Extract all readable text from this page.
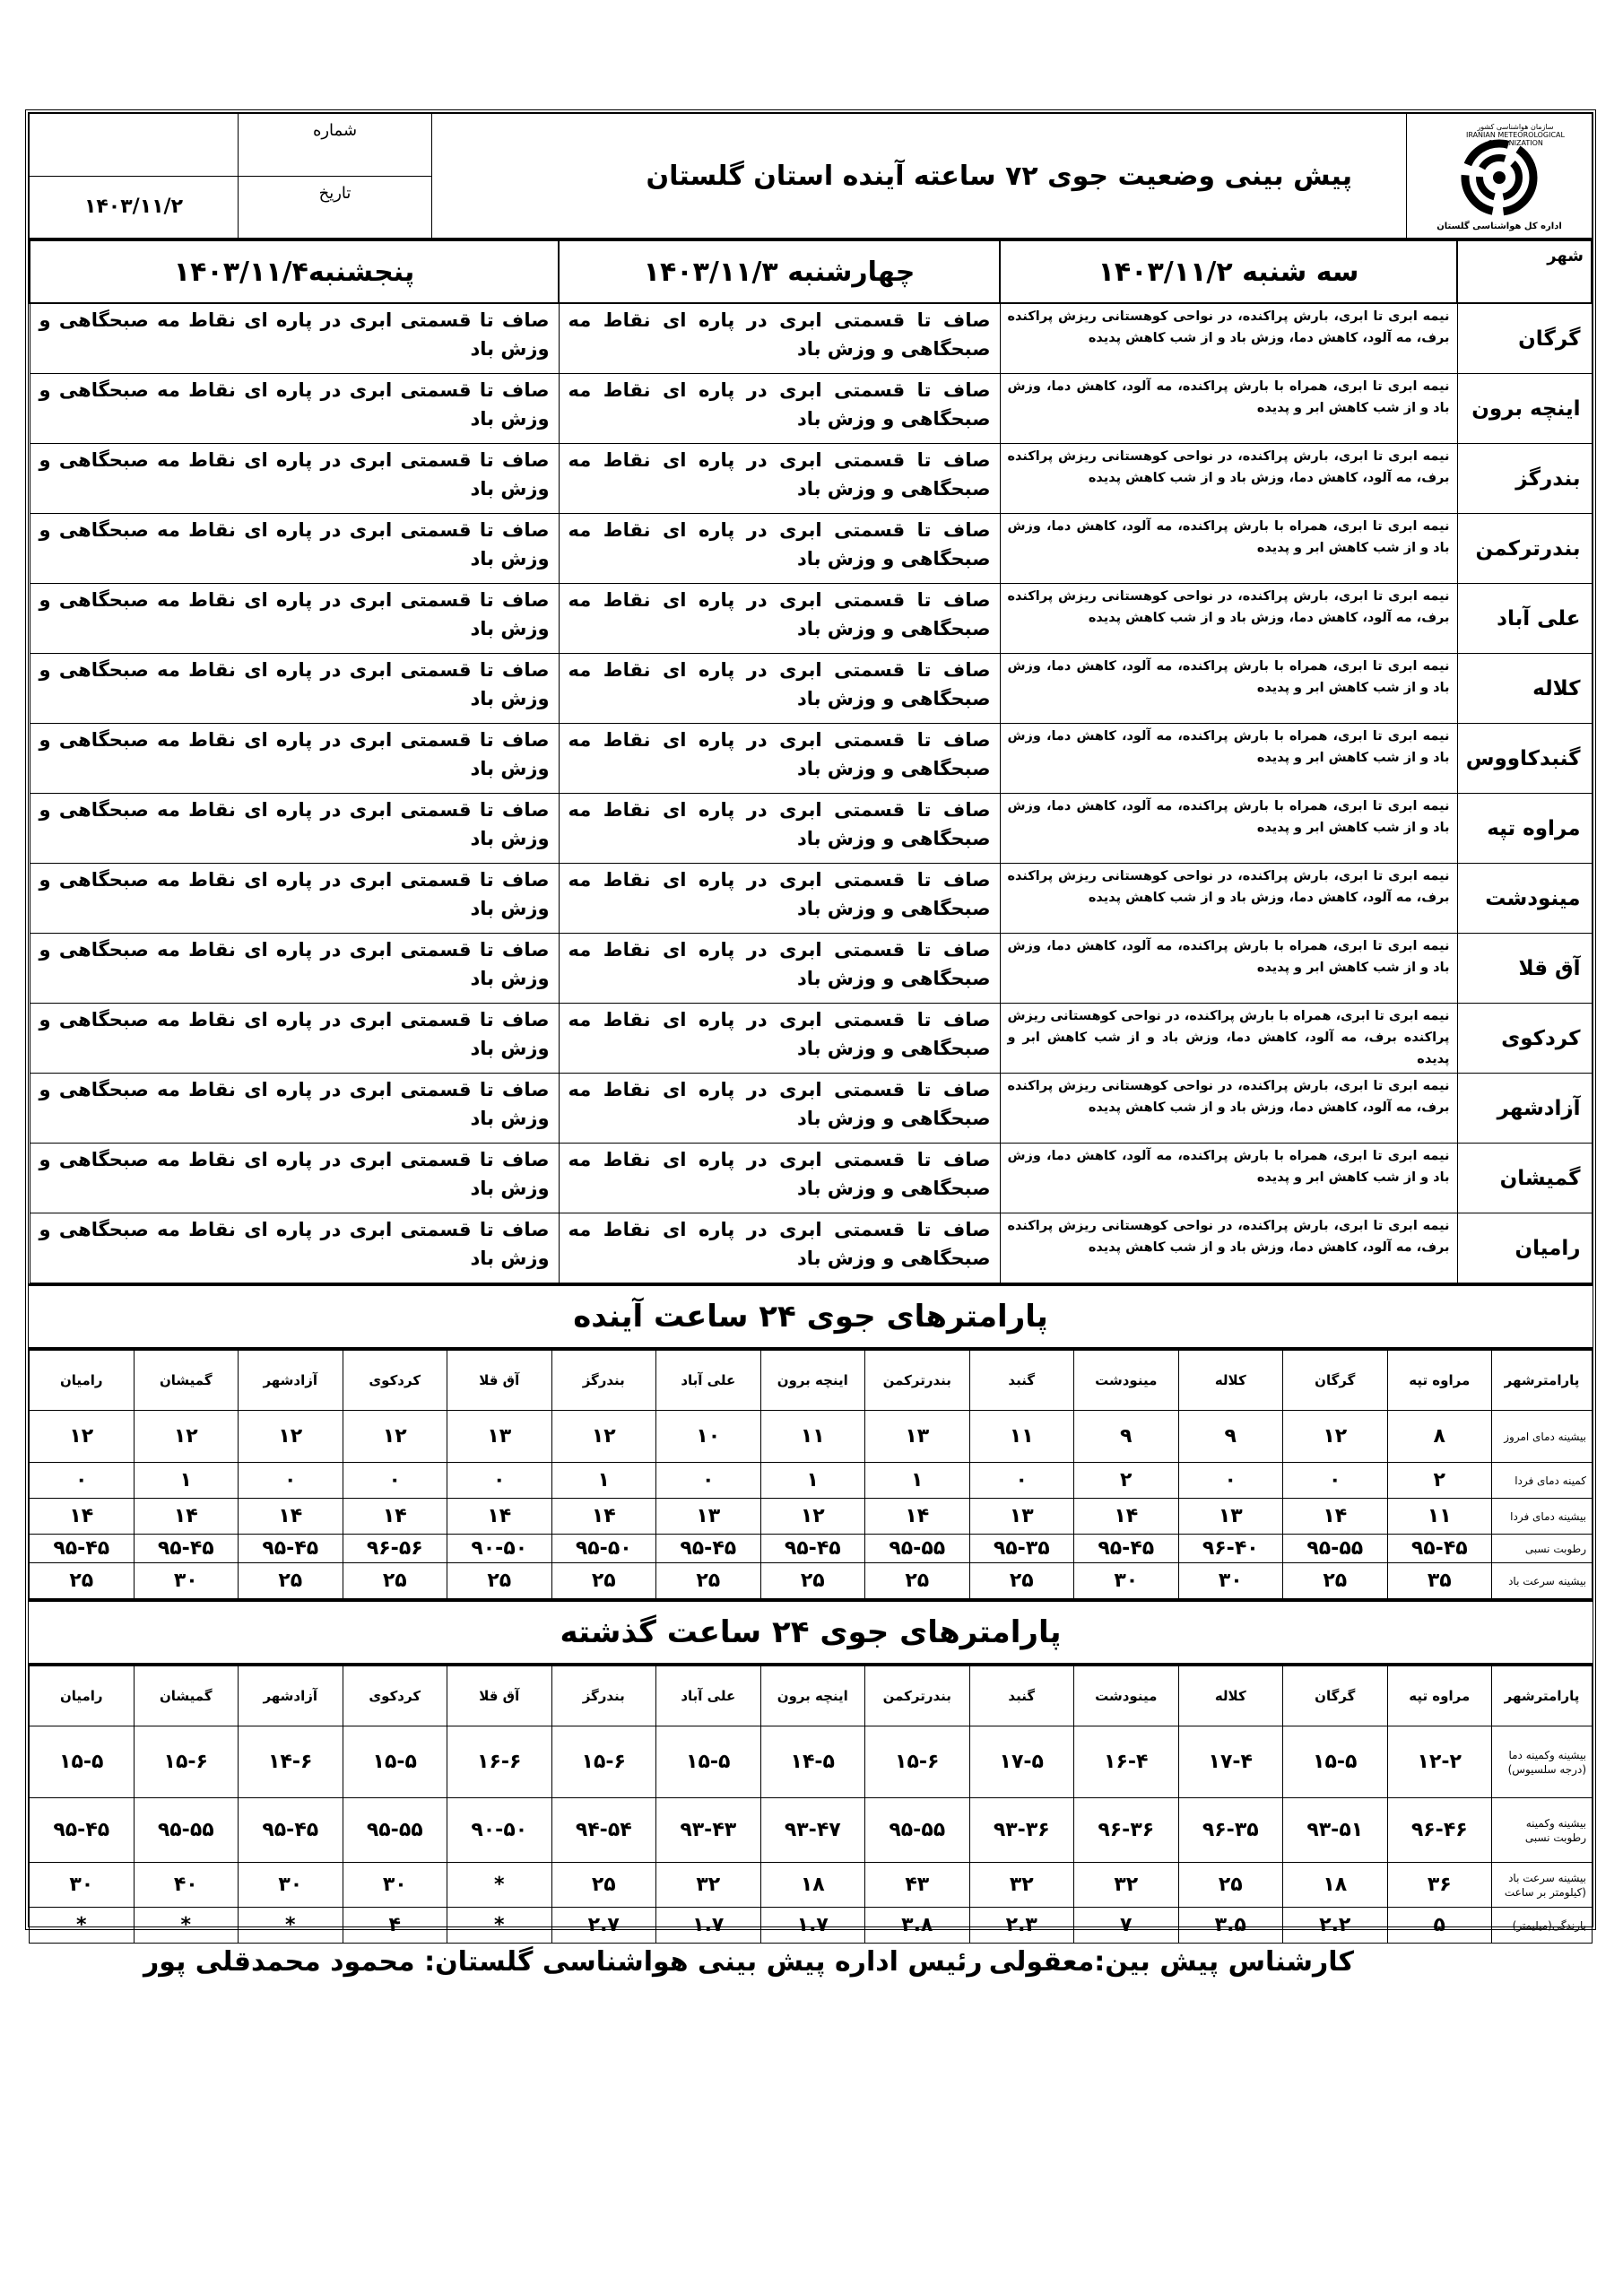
سازمان هواشناسی کشور IRANIAN METEOROLOGICAL ORGANIZATION
اداره کل هواشناسی گلستان	پیش بینی وضعیت جوی ۷۲ ساعته آینده استان گلستان	شماره	
		تاریخ	۱۴۰۳/۱۱/۲
شهر	سه شنبه ۱۴۰۳/۱۱/۲	چهارشنبه ۱۴۰۳/۱۱/۳	پنجشنبه۱۴۰۳/۱۱/۴
گرگان	نیمه ابری تا ابری، بارش پراکنده، در نواحی کوهستانی ریزش پراکنده برف، مه آلود، کاهش دما، وزش باد و از شب کاهش پدیده	صاف تا قسمتی ابری در پاره ای نقاط مه صبحگاهی و وزش باد	صاف تا قسمتی ابری در پاره ای نقاط مه صبحگاهی و وزش باد
اینچه برون	نیمه ابری تا ابری، همراه با بارش پراکنده، مه آلود، کاهش دما، وزش باد و از شب کاهش ابر و پدیده	صاف تا قسمتی ابری در پاره ای نقاط مه صبحگاهی و وزش باد	صاف تا قسمتی ابری در پاره ای نقاط مه صبحگاهی و وزش باد
بندرگز	نیمه ابری تا ابری، بارش پراکنده، در نواحی کوهستانی ریزش پراکنده برف، مه آلود، کاهش دما، وزش باد و از شب کاهش پدیده	صاف تا قسمتی ابری در پاره ای نقاط مه صبحگاهی و وزش باد	صاف تا قسمتی ابری در پاره ای نقاط مه صبحگاهی و وزش باد
بندرترکمن	نیمه ابری تا ابری، همراه با بارش پراکنده، مه آلود، کاهش دما، وزش باد و از شب کاهش ابر و پدیده	صاف تا قسمتی ابری در پاره ای نقاط مه صبحگاهی و وزش باد	صاف تا قسمتی ابری در پاره ای نقاط مه صبحگاهی و وزش باد
علی آباد	نیمه ابری تا ابری، بارش پراکنده، در نواحی کوهستانی ریزش پراکنده برف، مه آلود، کاهش دما، وزش باد و از شب کاهش پدیده	صاف تا قسمتی ابری در پاره ای نقاط مه صبحگاهی و وزش باد	صاف تا قسمتی ابری در پاره ای نقاط مه صبحگاهی و وزش باد
کلاله	نیمه ابری تا ابری، همراه با بارش پراکنده، مه آلود، کاهش دما، وزش باد و از شب کاهش ابر و پدیده	صاف تا قسمتی ابری در پاره ای نقاط مه صبحگاهی و وزش باد	صاف تا قسمتی ابری در پاره ای نقاط مه صبحگاهی و وزش باد
گنبدکاووس	نیمه ابری تا ابری، همراه با بارش پراکنده، مه آلود، کاهش دما، وزش باد و از شب کاهش ابر و پدیده	صاف تا قسمتی ابری در پاره ای نقاط مه صبحگاهی و وزش باد	صاف تا قسمتی ابری در پاره ای نقاط مه صبحگاهی و وزش باد
مراوه تپه	نیمه ابری تا ابری، همراه با بارش پراکنده، مه آلود، کاهش دما، وزش باد و از شب کاهش ابر و پدیده	صاف تا قسمتی ابری در پاره ای نقاط مه صبحگاهی و وزش باد	صاف تا قسمتی ابری در پاره ای نقاط مه صبحگاهی و وزش باد
مینودشت	نیمه ابری تا ابری، بارش پراکنده، در نواحی کوهستانی ریزش پراکنده برف، مه آلود، کاهش دما، وزش باد و از شب کاهش پدیده	صاف تا قسمتی ابری در پاره ای نقاط مه صبحگاهی و وزش باد	صاف تا قسمتی ابری در پاره ای نقاط مه صبحگاهی و وزش باد
آق قلا	نیمه ابری تا ابری، همراه با بارش پراکنده، مه آلود، کاهش دما، وزش باد و از شب کاهش ابر و پدیده	صاف تا قسمتی ابری در پاره ای نقاط مه صبحگاهی و وزش باد	صاف تا قسمتی ابری در پاره ای نقاط مه صبحگاهی و وزش باد
کردکوی	نیمه ابری تا ابری، همراه با بارش پراکنده، در نواحی کوهستانی ریزش پراکنده برف، مه آلود، کاهش دما، وزش باد و از شب کاهش ابر و پدیده	صاف تا قسمتی ابری در پاره ای نقاط مه صبحگاهی و وزش باد	صاف تا قسمتی ابری در پاره ای نقاط مه صبحگاهی و وزش باد
آزادشهر	نیمه ابری تا ابری، بارش پراکنده، در نواحی کوهستانی ریزش پراکنده برف، مه آلود، کاهش دما، وزش باد و از شب کاهش پدیده	صاف تا قسمتی ابری در پاره ای نقاط مه صبحگاهی و وزش باد	صاف تا قسمتی ابری در پاره ای نقاط مه صبحگاهی و وزش باد
گمیشان	نیمه ابری تا ابری، همراه با بارش پراکنده، مه آلود، کاهش دما، وزش باد و از شب کاهش ابر و پدیده	صاف تا قسمتی ابری در پاره ای نقاط مه صبحگاهی و وزش باد	صاف تا قسمتی ابری در پاره ای نقاط مه صبحگاهی و وزش باد
رامیان	نیمه ابری تا ابری، بارش پراکنده، در نواحی کوهستانی ریزش پراکنده برف، مه آلود، کاهش دما، وزش باد و از شب کاهش پدیده	صاف تا قسمتی ابری در پاره ای نقاط مه صبحگاهی و وزش باد	صاف تا قسمتی ابری در پاره ای نقاط مه صبحگاهی و وزش باد
پارامترهای جوی ۲۴ ساعت آینده
پارامترشهر	مراوه تپه	گرگان	کلاله	مینودشت	گنبد	بندرترکمن	اینچه برون	علی آباد	بندرگز	آق قلا	کردکوی	آزادشهر	گمیشان	رامیان
بیشینه دمای امروز	۸	۱۲	۹	۹	۱۱	۱۳	۱۱	۱۰	۱۲	۱۳	۱۲	۱۲	۱۲	۱۲
کمینه دمای فردا	۲	۰	۰	۲	۰	۱	۱	۰	۱	۰	۰	۰	۱	۰
بیشینه دمای فردا	۱۱	۱۴	۱۳	۱۴	۱۳	۱۴	۱۲	۱۳	۱۴	۱۴	۱۴	۱۴	۱۴	۱۴
رطوبت نسبی	۹۵-۴۵	۹۵-۵۵	۹۶-۴۰	۹۵-۴۵	۹۵-۳۵	۹۵-۵۵	۹۵-۴۵	۹۵-۴۵	۹۵-۵۰	۹۰-۵۰	۹۶-۵۶	۹۵-۴۵	۹۵-۴۵	۹۵-۴۵
بیشینه سرعت باد	۳۵	۲۵	۳۰	۳۰	۲۵	۲۵	۲۵	۲۵	۲۵	۲۵	۲۵	۲۵	۳۰	۲۵
پارامترهای جوی ۲۴ ساعت گذشته
پارامترشهر	مراوه تپه	گرگان	کلاله	مینودشت	گنبد	بندرترکمن	اینچه برون	علی آباد	بندرگز	آق قلا	کردکوی	آزادشهر	گمیشان	رامیان
بیشینه وکمینه دما (درجه سلسیوس)	۱۲-۲	۱۵-۵	۱۷-۴	۱۶-۴	۱۷-۵	۱۵-۶	۱۴-۵	۱۵-۵	۱۵-۶	۱۶-۶	۱۵-۵	۱۴-۶	۱۵-۶	۱۵-۵
بیشینه وکمینه رطوبت نسبی	۹۶-۴۶	۹۳-۵۱	۹۶-۳۵	۹۶-۳۶	۹۳-۳۶	۹۵-۵۵	۹۳-۴۷	۹۳-۴۳	۹۴-۵۴	۹۰-۵۰	۹۵-۵۵	۹۵-۴۵	۹۵-۵۵	۹۵-۴۵
بیشینه سرعت باد (کیلومتر بر ساعت	۳۶	۱۸	۲۵	۳۲	۳۲	۴۳	۱۸	۳۲	۲۵	*	۳۰	۳۰	۴۰	۳۰
بارندگی(میلیمتر)	۵	۲.۲	۳.۵	۷	۲.۳	۳.۸	۱.۷	۱.۷	۲.۷	*	۴	*	*	*
کارشناس پیش بین:معقولی
رئیس اداره پیش بینی هواشناسی گلستان: محمود محمدقلی پور
